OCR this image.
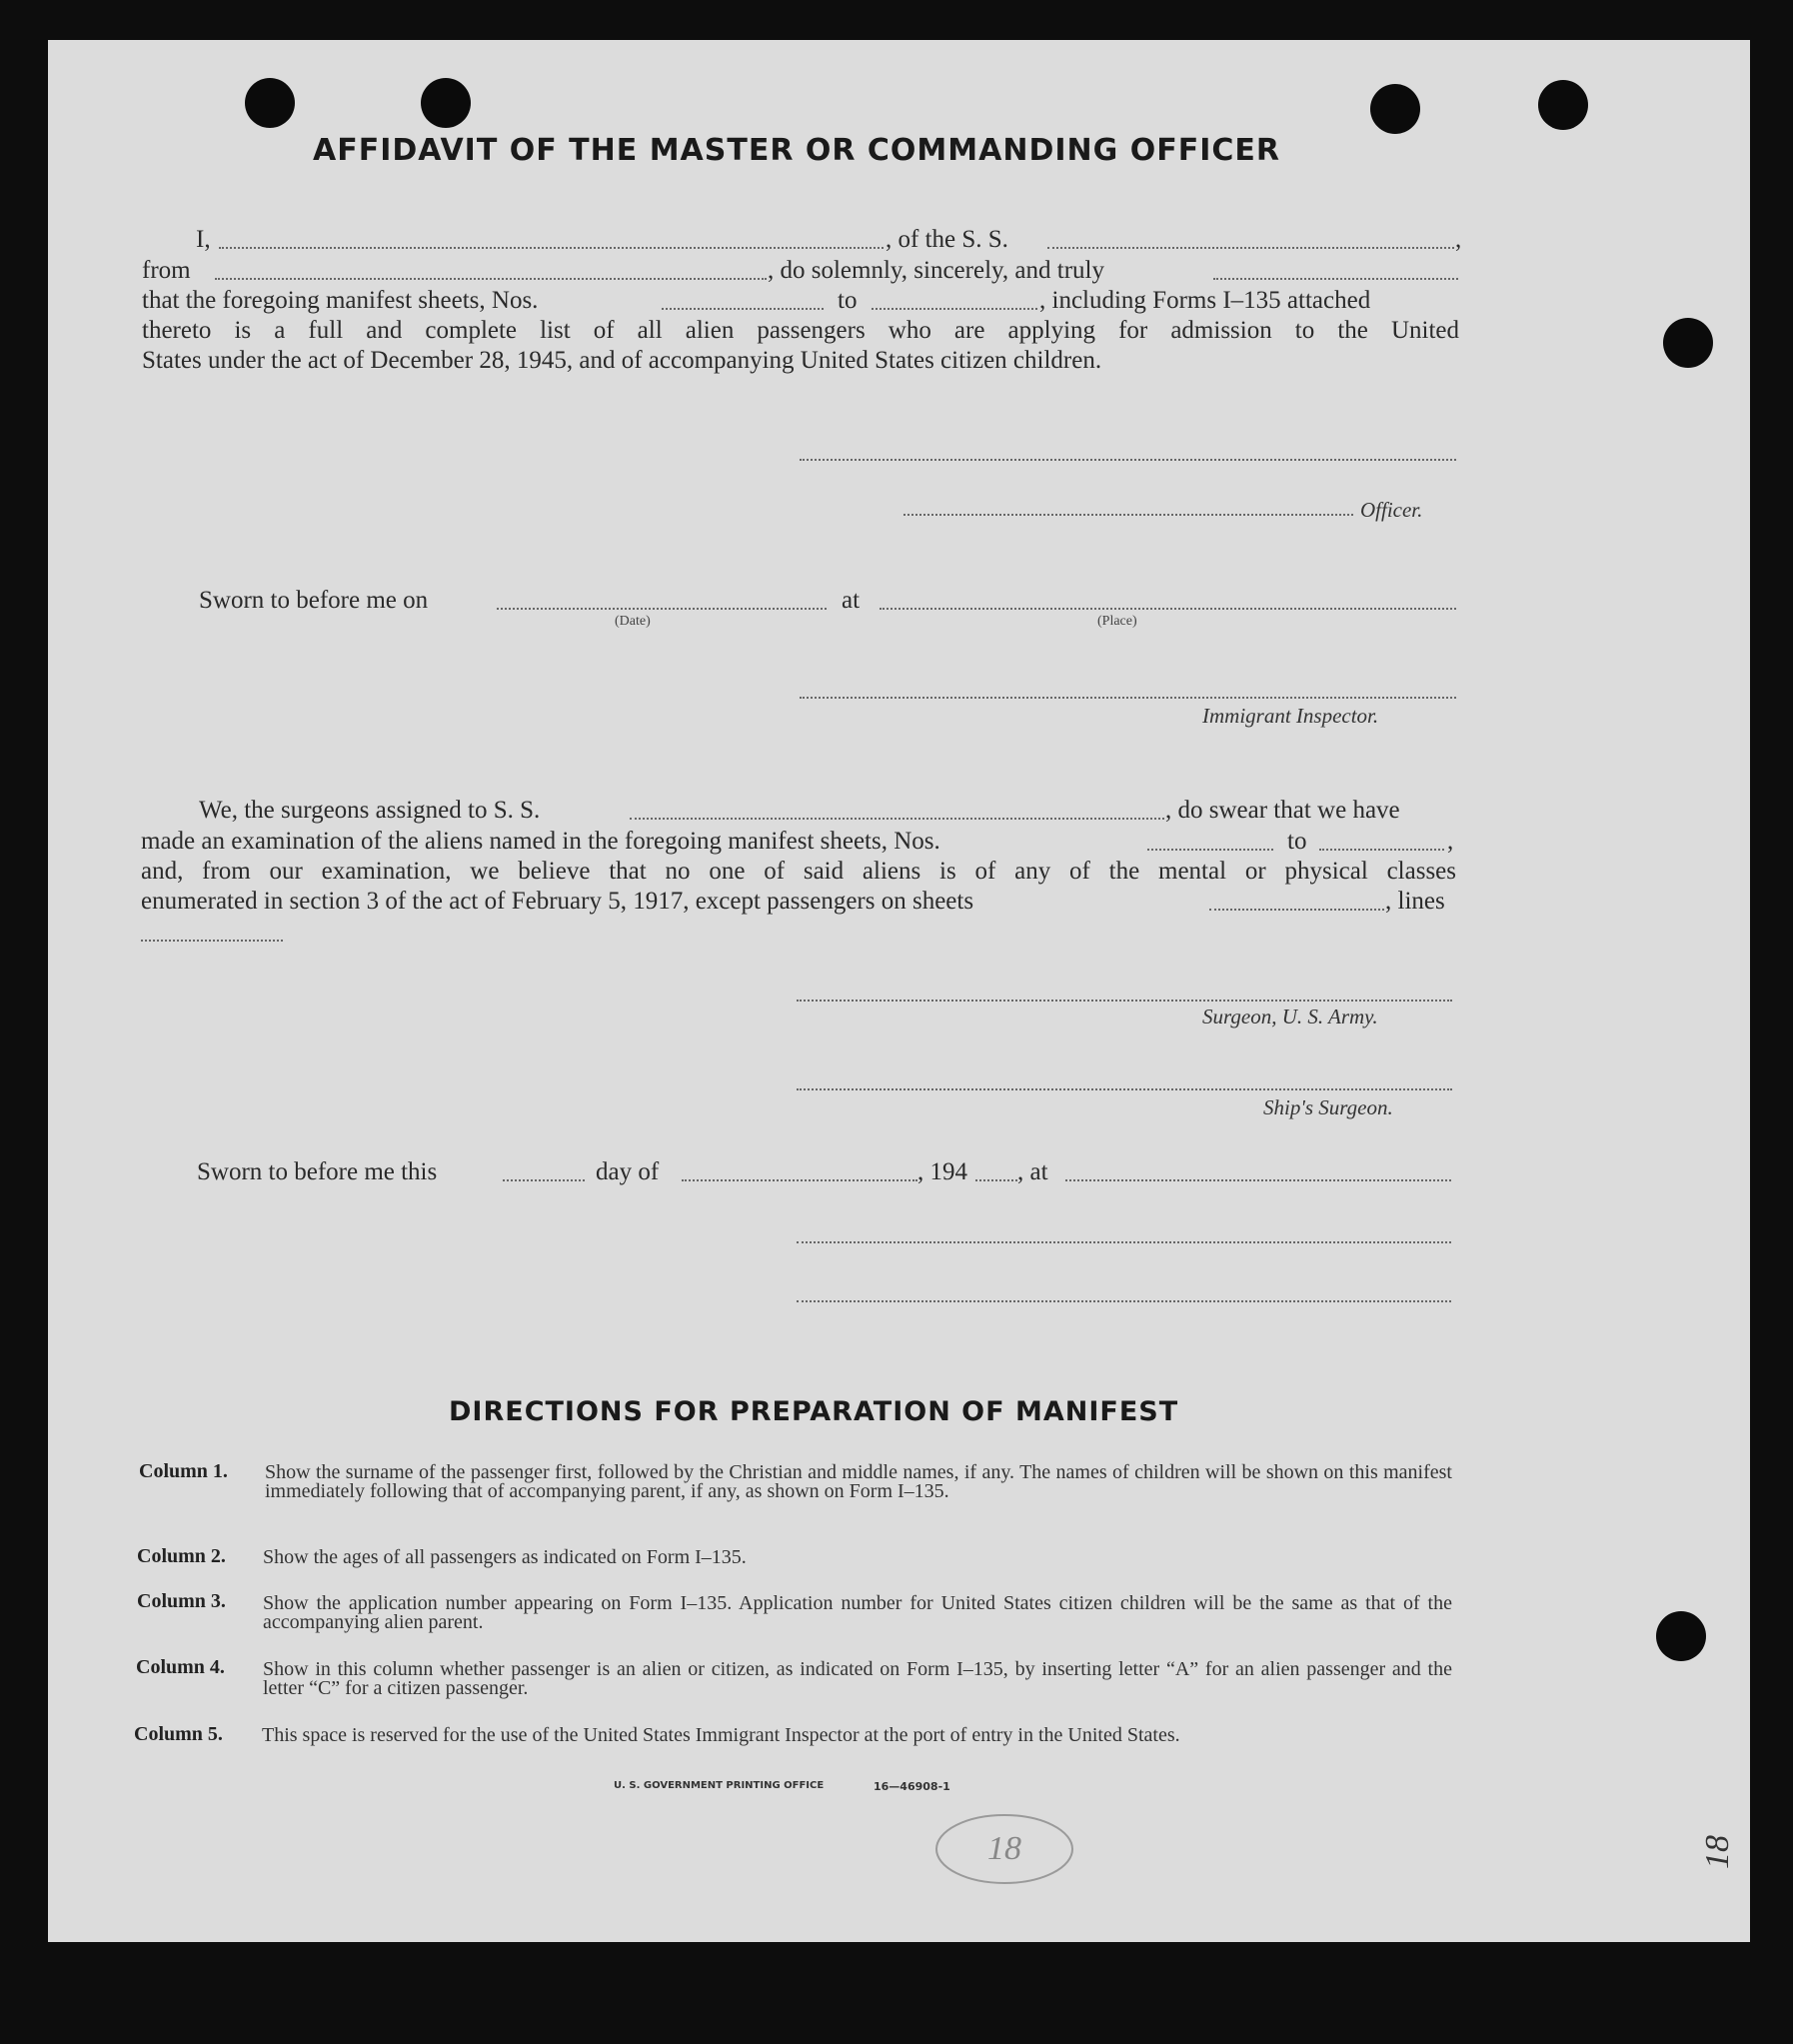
AFFIDAVIT OF THE MASTER OR COMMANDING OFFICER
I,	, of the S. S.	,
from	, do solemnly, sincerely, and truly
that the foregoing manifest sheets, Nos.	to	, including Forms I–135 attached
thereto is a full and complete list of all alien passengers who are applying for admission to the United
States under the act of December 28, 1945, and of accompanying United States citizen children.
Officer.
Sworn to before me on	at
(Date)	(Place)
Immigrant Inspector.
We, the surgeons assigned to S. S.	, do swear that we have
made an examination of the aliens named in the foregoing manifest sheets, Nos.	to	,
and, from our examination, we believe that no one of said aliens is of any of the mental or physical classes
enumerated in section 3 of the act of February 5, 1917, except passengers on sheets	, lines
Surgeon, U. S. Army.
Ship's Surgeon.
Sworn to before me this	day of	, 194 , at
DIRECTIONS FOR PREPARATION OF MANIFEST
Column 1.	Show the surname of the passenger first, followed by the Christian and middle names, if any. The names of children will be shown on this manifest immediately following that of accompanying parent, if any, as shown on Form I–135.
Column 2. Show the ages of all passengers as indicated on Form I–135.
Column 3. Show the application number appearing on Form I–135. Application number for United States citizen children will be the same as that of the accompanying alien parent.
Column 4. Show in this column whether passenger is an alien or citizen, as indicated on Form I–135, by inserting letter “A” for an alien passenger and the letter “C” for a citizen passenger.
Column 5. This space is reserved for the use of the United States Immigrant Inspector at the port of entry in the United States.
U. S. GOVERNMENT PRINTING OFFICE	16—46908-1
18	18
